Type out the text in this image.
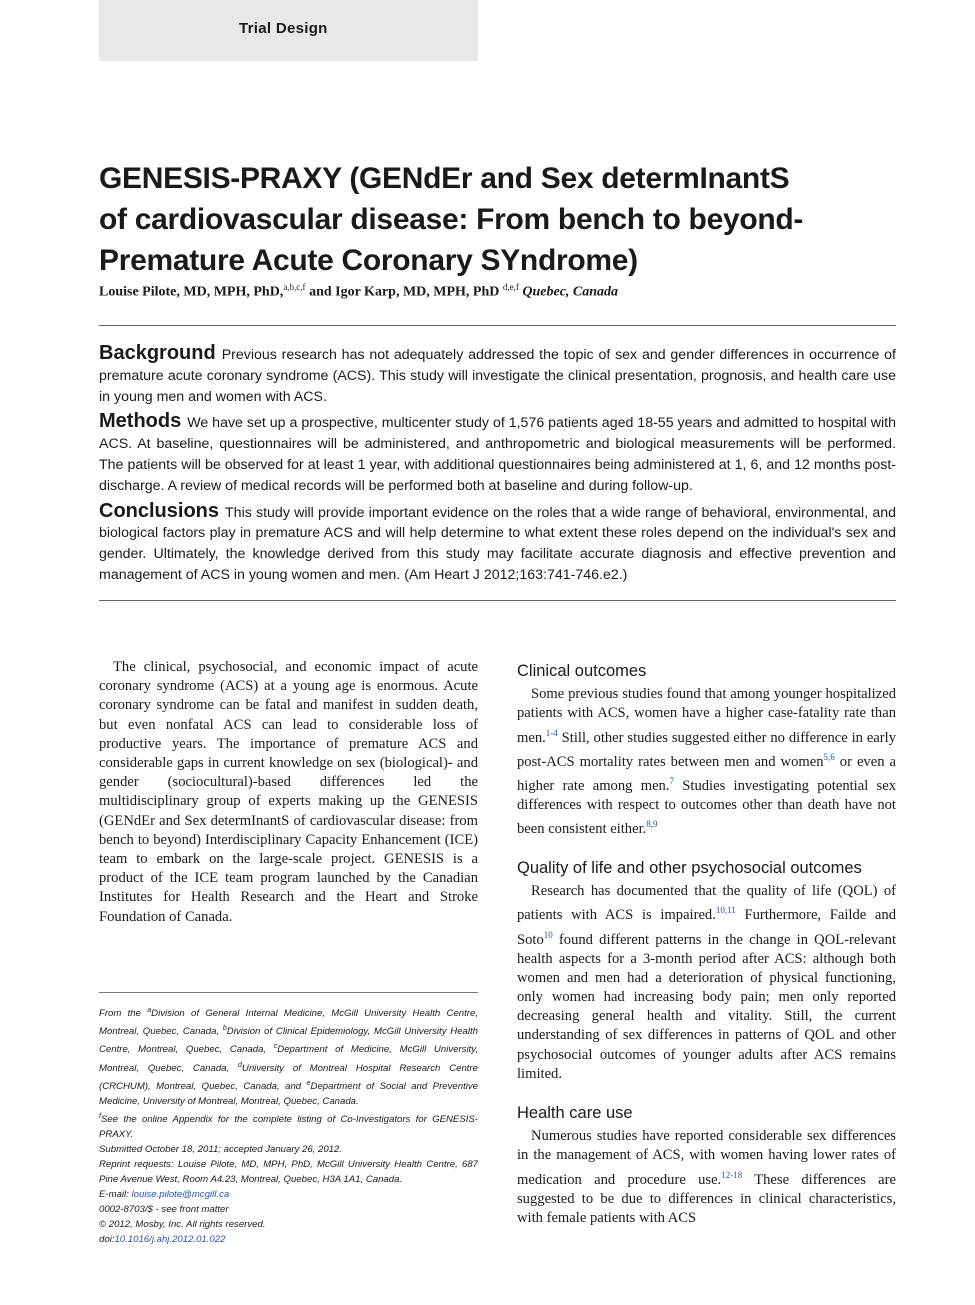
Trial Design
GENESIS-PRAXY (GENdEr and Sex determInantS of cardiovascular disease: From bench to beyond-Premature Acute Coronary SYndrome)
Louise Pilote, MD, MPH, PhD,$^{a,b,c,f}$ and Igor Karp, MD, MPH, PhD $^{d,e,f}$ Quebec, Canada

Background Previous research has not adequately addressed the topic of sex and gender differences in occurrence of premature acute coronary syndrome (ACS). This study will investigate the clinical presentation, prognosis, and health care use in young men and women with ACS.

Methods We have set up a prospective, multicenter study of 1,576 patients aged 18-55 years and admitted to hospital with ACS. At baseline, questionnaires will be administered, and anthropometric and biological measurements will be performed. The patients will be observed for at least 1 year, with additional questionnaires being administered at 1, 6, and 12 months post-discharge. A review of medical records will be performed both at baseline and during follow-up.

Conclusions This study will provide important evidence on the roles that a wide range of behavioral, environmental, and biological factors play in premature ACS and will help determine to what extent these roles depend on the individual's sex and gender. Ultimately, the knowledge derived from this study may facilitate accurate diagnosis and effective prevention and management of ACS in young women and men. (Am Heart J 2012;163:741-746.e2.)

The clinical, psychosocial, and economic impact of acute coronary syndrome (ACS) at a young age is enormous. Acute coronary syndrome can be fatal and manifest in sudden death, but even nonfatal ACS can lead to considerable loss of productive years. The importance of premature ACS and considerable gaps in current knowledge on sex (biological)- and gender (sociocultural)-based differences led the multidisciplinary group of experts making up the GENESIS (GENdEr and Sex determInantS of cardiovascular disease: from bench to beyond) Interdisciplinary Capacity Enhancement (ICE) team to embark on the large-scale project. GENESIS is a product of the ICE team program launched by the Canadian Institutes for Health Research and the Heart and Stroke Foundation of Canada.

From the $^a$Division of General Internal Medicine, McGill University Health Centre, Montreal, Quebec, Canada, $^b$Division of Clinical Epidemiology, McGill University Health Centre, Montreal, Quebec, Canada, $^c$Department of Medicine, McGill University, Montreal, Quebec, Canada, $^d$University of Montreal Hospital Research Centre (CRCHUM), Montreal, Quebec, Canada, and $^e$Department of Social and Preventive Medicine, University of Montreal, Montreal, Quebec, Canada.

$^f$See the online Appendix for the complete listing of Co-Investigators for GENESIS-PRAXY.

Submitted October 18, 2011; accepted January 26, 2012.

Reprint requests: Louise Pilote, MD, MPH, PhD, McGill University Health Centre, 687 Pine Avenue West, Room A4.23, Montreal, Quebec, H3A 1A1, Canada.

E-mail: louise.pilote@mcgill.ca

0002-8703/$ - see front matter

© 2012, Mosby, Inc. All rights reserved.

doi:10.1016/j.ahj.2012.01.022

Clinical outcomes

Some previous studies found that among younger hospitalized patients with ACS, women have a higher case-fatality rate than men.$^{1-4}$ Still, other studies suggested either no difference in early post-ACS mortality rates between men and women$^{5,6}$ or even a higher rate among men.$^7$ Studies investigating potential sex differences with respect to outcomes other than death have not been consistent either.$^{8,9}$

Quality of life and other psychosocial outcomes

Research has documented that the quality of life (QOL) of patients with ACS is impaired.$^{10,11}$ Furthermore, Failde and Soto$^{10}$ found different patterns in the change in QOL-relevant health aspects for a 3-month period after ACS: although both women and men had a deterioration of physical functioning, only women had increasing body pain; men only reported decreasing general health and vitality. Still, the current understanding of sex differences in patterns of QOL and other psychosocial outcomes of younger adults after ACS remains limited.

Health care use

Numerous studies have reported considerable sex differences in the management of ACS, with women having lower rates of medication and procedure use.$^{12-18}$ These differences are suggested to be due to differences in clinical characteristics, with female patients with ACS
